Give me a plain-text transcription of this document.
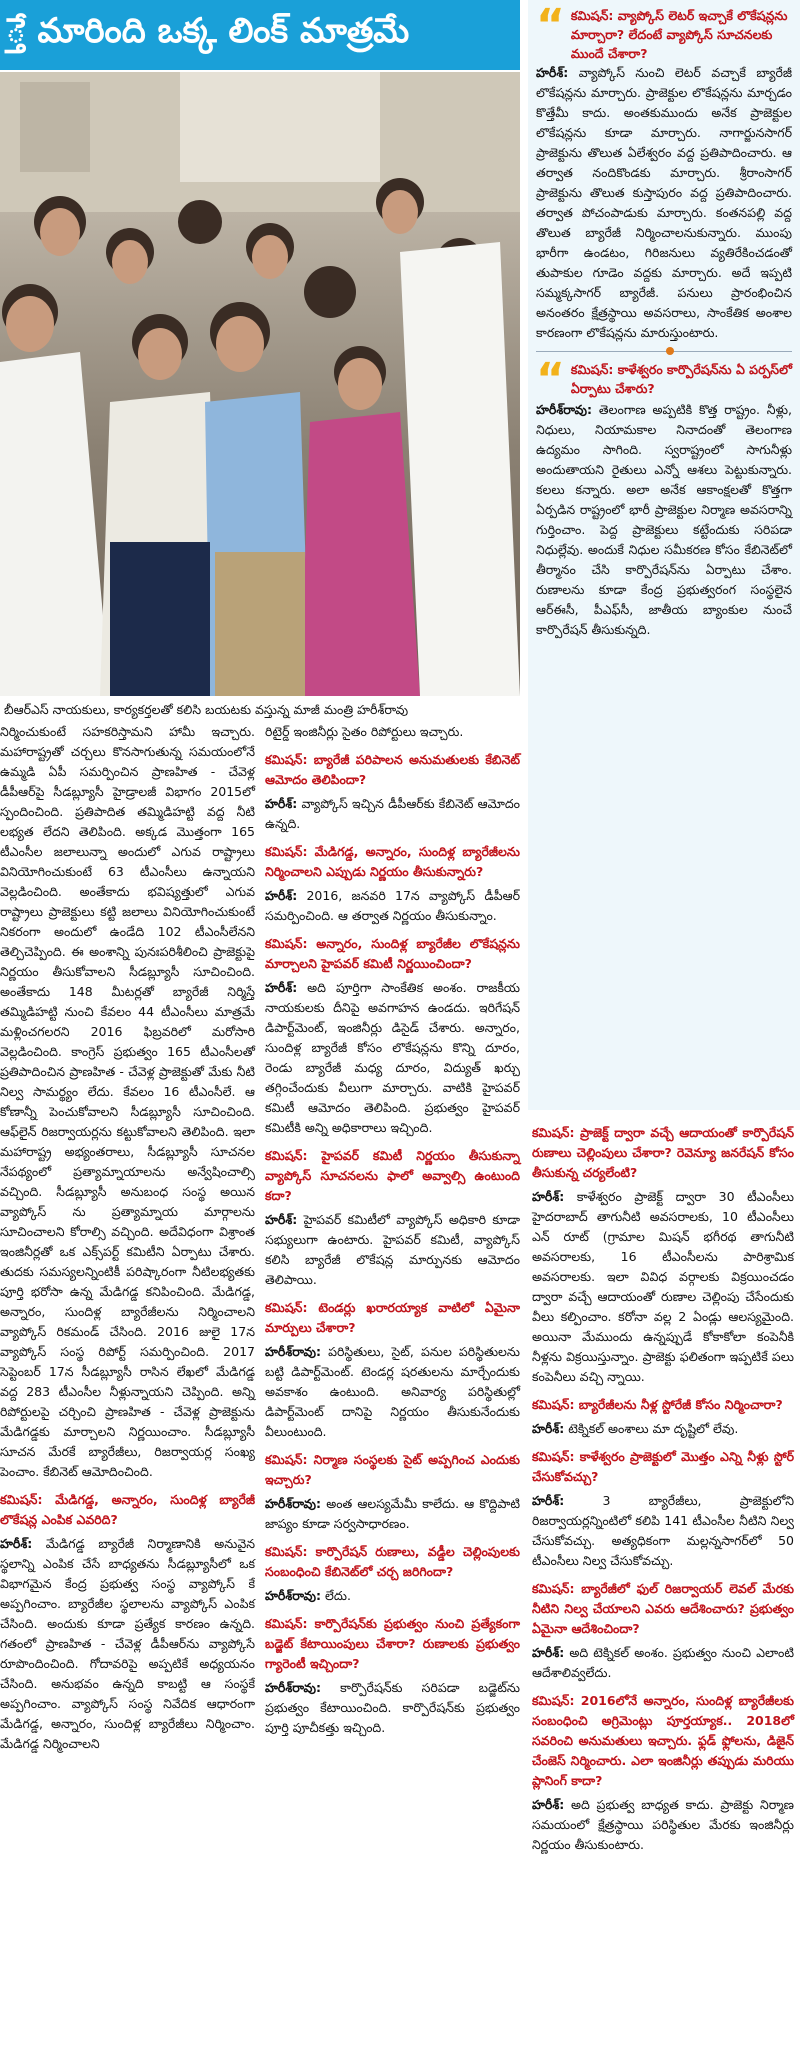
్తే మారింది ఒక్క లింక్ మాత్రమే
బీఆర్ఎస్ నాయకులు, కార్యకర్తలతో కలిసి బయటకు వస్తున్న మాజీ మంత్రి హరీశ్‌రావు

నిర్మించుకుంటే సహకరిస్తామని హామీ ఇచ్చారు. మహారాష్ట్రతో చర్చలు కొనసాగుతున్న సమయంలోనే ఉమ్మడి ఏపీ సమర్పించిన ప్రాణహిత - చేవెళ్ల డీపీఆర్‌పై సీడబ్ల్యూసీ హైడ్రాలజీ విభాగం 2015లో స్పందించింది. ప్రతిపాదిత తమ్మిడిహట్టి వద్ద నీటి లభ్యత లేదని తెలిపింది. అక్కడ మొత్తంగా 165 టీఎంసీల జలాలున్నా అందులో ఎగువ రాష్ట్రాలు వినియోగించుకుంటే 63 టీఎంసీలు ఉన్నాయని వెల్లడించింది. అంతేకాదు భవిష్యత్తులో ఎగువ రాష్ట్రాలు ప్రాజెక్టులు కట్టి జలాలు వినియోగించుకుంటే నికరంగా అందులో ఉండేది 102 టీఎంసీలేనని తెల్చిచెప్పింది. ఈ అంశాన్ని పునఃపరిశీలించి ప్రాజెక్టుపై నిర్ణయం తీసుకోవాలని సీడబ్ల్యూసీ సూచించింది. అంతేకాదు 148 మీటర్లతో బ్యారేజీ నిర్మిస్తే తమ్మిడిహట్టి నుంచి కేవలం 44 టీఎంసీలు మాత్రమే మళ్లించగలరని 2016 ఫిబ్రవరిలో మరోసారి వెల్లడించింది. కాంగ్రెస్ ప్రభుత్వం 165 టీఎంసీలతో ప్రతిపాదించిన ప్రాణహిత - చేవెళ్ల ప్రాజెక్టుతో మేకు నీటి నిల్వ సామర్థ్యం లేదు. కేవలం 16 టీఎంసీలే. ఆ కోణాన్నీ పెంచుకోవాలని సీడబ్ల్యూసీ సూచించింది. ఆఫ్‌లైన్ రిజర్వాయర్లను కట్టుకోవాలని తెలిపింది. ఇలా మహారాష్ట్ర అభ్యంతరాలు, సీడబ్ల్యూసీ సూచనల నేపథ్యంలో ప్రత్యామ్నాయాలను అన్వేషించాల్సి వచ్చింది. సీడబ్ల్యూసీ అనుబంధ సంస్థ అయిన వ్యాప్కోస్ ను ప్రత్యామ్నాయ మార్గాలను సూచించాలని కోరాల్సి వచ్చింది. అదేవిధంగా విశ్రాంత ఇంజినీర్లతో ఒక ఎక్స్‌పర్ట్ కమిటీని ఏర్పాటు చేశారు. తుదకు సమస్యలన్నింటికీ పరిష్కారంగా నీటిలభ్యతకు పూర్తి భరోసా ఉన్న మేడిగడ్డ కనిపించింది. మేడిగడ్డ, అన్నారం, సుందిళ్ల బ్యారేజీలను నిర్మించాలని వ్యాప్కోస్ రికమండ్ చేసింది. 2016 జులై 17న వ్యాప్కోస్ సంస్థ రిపోర్ట్ సమర్పించింది. 2017 సెప్టెంబర్ 17న సీడబ్ల్యూసీ రాసిన లేఖలో మేడిగడ్డ వద్ద 283 టీఎంసీల నీళ్లున్నాయని చెప్పింది. అన్ని రిపోర్టులపై చర్చించి ప్రాణహిత - చేవెళ్ల ప్రాజెక్టును మేడిగడ్డకు మార్చాలని నిర్ణయించాం. సీడబ్ల్యూసీ సూచన మేరకే బ్యారేజీలు, రిజర్వాయర్ల సంఖ్య పెంచాం. కేబినెట్ ఆమోదించింది.

కమిషన్: మేడిగడ్డ, అన్నారం, సుందిళ్ల బ్యారేజీ లొకేషన్ల ఎంపిక ఎవరిది?

హరీశ్: మేడిగడ్డ బ్యారేజీ నిర్మాణానికి అనువైన స్థలాన్ని ఎంపిక చేసే బాధ్యతను సీడబ్ల్యూసీలో ఒక విభాగమైన కేంద్ర ప్రభుత్వ సంస్థ వ్యాప్కోస్ కే అప్పగించాం. బ్యారేజీల స్థలాలను వ్యాప్కోస్ ఎంపిక చేసింది. అందుకు కూడా ప్రత్యేక కారణం ఉన్నది. గతంలో ప్రాణహిత - చేవెళ్ల డీపీఆర్‌ను వ్యాప్కోసే రూపొందించింది. గోదావరిపై అప్పటికే అధ్యయనం చేసింది. అనుభవం ఉన్నది కాబట్టి ఆ సంస్థకే అప్పగించాం. వ్యాప్కోస్ సంస్థ నివేదిక ఆధారంగా మేడిగడ్డ, అన్నారం, సుందిళ్ల బ్యారేజీలు నిర్మించాం. మేడిగడ్డ నిర్మించాలని

రిటైర్డ్ ఇంజినీర్లు సైతం రిపోర్టులు ఇచ్చారు.

కమిషన్: బ్యారేజీ పరిపాలన అనుమతులకు కేబినెట్ ఆమోదం తెలిపిందా?

హరీశ్: వ్యాప్కోస్ ఇచ్చిన డీపీఆర్‌కు కేబినెట్ ఆమోదం ఉన్నది.

కమిషన్: మేడిగడ్డ, అన్నారం, సుందిళ్ల బ్యారేజీలను నిర్మించాలని ఎప్పుడు నిర్ణయం తీసుకున్నారు?

హరీశ్: 2016, జనవరి 17న వ్యాప్కోస్ డీపీఆర్ సమర్పించింది. ఆ తర్వాత నిర్ణయం తీసుకున్నాం.

కమిషన్: అన్నారం, సుందిళ్ల బ్యారేజీల లొకేషన్లను మార్చాలని హైపవర్ కమిటీ నిర్ణయించిందా?

హరీశ్: అది పూర్తిగా సాంకేతిక అంశం. రాజకీయ నాయకులకు దీనిపై అవగాహన ఉండదు. ఇరిగేషన్ డిపార్ట్‌మెంట్, ఇంజినీర్లు డిసైడ్ చేశారు. అన్నారం, సుందిళ్ల బ్యారేజీ కోసం లొకేషన్లను కొన్ని దూరం, రెండు బ్యారేజీ మధ్య దూరం, విద్యుత్ ఖర్చు తగ్గించేందుకు వీలుగా మార్చారు. వాటికి హైపవర్ కమిటీ ఆమోదం తెలిపింది. ప్రభుత్వం హైపవర్ కమిటీకి అన్ని అధికారాలు ఇచ్చింది.

కమిషన్: హైపవర్ కమిటీ నిర్ణయం తీసుకున్నా వ్యాప్కోస్ సూచనలను ఫాలో అవ్వాల్సి ఉంటుంది కదా?

హరీశ్: హైపవర్ కమిటీలో వ్యాప్కోస్ అధికారి కూడా సభ్యులుగా ఉంటారు. హైపవర్ కమిటీ, వ్యాప్కోస్ కలిసి బ్యారేజీ లొకేషన్ల మార్పునకు ఆమోదం తెలిపాయి.

కమిషన్: టెండర్లు ఖరారయ్యాక వాటిలో ఏమైనా మార్పులు చేశారా?

హరీశ్‌రావు: పరిస్థితులు, సైట్, పనుల పరిస్థితులను బట్టి డిపార్ట్‌మెంట్. టెండర్ల షరతులను మార్చేందుకు అవకాశం ఉంటుంది. అనివార్య పరిస్థితుల్లో డిపార్ట్‌మెంట్ దానిపై నిర్ణయం తీసుకునేందుకు వీలుంటుంది.

కమిషన్: నిర్మాణ సంస్థలకు సైట్ అప్పగించ ఎందుకు ఇచ్చారు?

హరీశ్‌రావు: అంత ఆలస్యమేమీ కాలేదు. ఆ కొద్దిపాటి జాప్యం కూడా సర్వసాధారణం.

కమిషన్: కార్పొరేషన్ రుణాలు, వడ్డీల చెల్లింపులకు సంబంధించి కేబినెట్‌లో చర్చ జరిగిందా?

హరీశ్‌రావు: లేదు.

కమిషన్: కార్పొరేషన్‌కు ప్రభుత్వం నుంచి ప్రత్యేకంగా బడ్జెట్ కేటాయింపులు చేశారా? రుణాలకు ప్రభుత్వం గ్యారెంటీ ఇచ్చిందా?

హరీశ్‌రావు: కార్పొరేషన్‌కు సరిపడా బడ్జెట్‌ను ప్రభుత్వం కేటాయించింది. కార్పొరేషన్‌కు ప్రభుత్వం పూర్తి పూచీకత్తు ఇచ్చింది.

“ కమిషన్: వ్యాప్కోస్ లెటర్ ఇచ్చాకే లొకేషన్లను మార్చారా? లేదంటే వ్యాప్కోస్ సూచనలకు ముందే చేశారా?
హరీశ్: వ్యాప్కోస్ నుంచి లెటర్ వచ్చాకే బ్యారేజీ లొకేషన్లను మార్చారు. ప్రాజెక్టుల లొకేషన్లను మార్చడం కొత్తేమీ కాదు. అంతకుముందు అనేక ప్రాజెక్టుల లొకేషన్లను కూడా మార్చారు. నాగార్జునసాగర్ ప్రాజెక్టును తొలుత ఏలేశ్వరం వద్ద ప్రతిపాదించారు. ఆ తర్వాత నందికొండకు మార్చారు. శ్రీరాంసాగర్ ప్రాజెక్టును తొలుత కుస్తాపురం వద్ద ప్రతిపాదించారు. తర్వాత పోచంపాడుకు మార్చారు. కంతనపల్లి వద్ద తొలుత బ్యారేజీ నిర్మించాలనుకున్నారు. ముంపు భారీగా ఉండటం, గిరిజనులు వ్యతిరేకించడంతో తుపాకుల గూడెం వద్దకు మార్చారు. అదే ఇప్పటి సమ్మక్కసాగర్ బ్యారేజీ. పనులు ప్రారంభించిన అనంతరం క్షేత్రస్థాయి అవసరాలు, సాంకేతిక అంశాల కారణంగా లొకేషన్లను మారుస్తుంటారు.
“ కమిషన్: కాళేశ్వరం కార్పొరేషన్‌ను ఏ పర్పస్‌లో ఏర్పాటు చేశారు?
హరీశ్‌రావు: తెలంగాణ అప్పటికి కొత్త రాష్ట్రం. నీళ్లు, నిధులు, నియామకాల నినాదంతో తెలంగాణ ఉద్యమం సాగింది. స్వరాష్ట్రంలో సాగునీళ్లు అందుతాయని రైతులు ఎన్నో ఆశలు పెట్టుకున్నారు. కలలు కన్నారు. అలా అనేక ఆకాంక్షలతో కొత్తగా ఏర్పడిన రాష్ట్రంలో భారీ ప్రాజెక్టుల నిర్మాణ అవసరాన్ని గుర్తించాం. పెద్ద ప్రాజెక్టులు కట్టేందుకు సరిపడా నిధుల్లేవు. అందుకే నిధుల సమీకరణ కోసం కేబినెట్‌లో తీర్మానం చేసి కార్పొరేషన్‌ను ఏర్పాటు చేశాం. రుణాలను కూడా కేంద్ర ప్రభుత్వరంగ సంస్థలైన ఆర్‌ఈసీ, పీఎఫ్‌సీ, జాతీయ బ్యాంకుల నుంచే కార్పొరేషన్ తీసుకున్నది.
కమిషన్: ప్రాజెక్ట్ ద్వారా వచ్చే ఆదాయంతో కార్పొరేషన్ రుణాలు చెల్లింపులు చేశారా? రెవెన్యూ జనరేషన్ కోసం తీసుకున్న చర్యలేంటి?

హరీశ్: కాళేశ్వరం ప్రాజెక్ట్ ద్వారా 30 టీఎంసీలు హైదరాబాద్ తాగునీటి అవసరాలకు, 10 టీఎంసీలు ఎన్ రూట్ (గ్రామాల మిషన్ భగీరథ తాగునీటి అవసరాలకు, 16 టీఎంసీలను పారిశ్రామిక అవసరాలకు. ఇలా వివిధ వర్గాలకు విక్రయించడం ద్వారా వచ్చే ఆదాయంతో రుణాల చెల్లింపు చేసేందుకు వీలు కల్పించాం. కరోనా వల్ల 2 ఏండ్లు ఆలస్యమైంది. అయినా మేముందు ఉన్నప్పుడే కోకాకోలా కంపెనీకి నీళ్లను విక్రయిస్తున్నాం. ప్రాజెక్టు ఫలితంగా ఇప్పటికే పలు కంపెనీలు వచ్చి న్నాయి.

కమిషన్: బ్యారేజీలను నీళ్ల స్టోరేజీ కోసం నిర్మించారా?

హరీశ్: టెక్నికల్ అంశాలు మా దృష్టిలో లేవు.

కమిషన్: కాళేశ్వరం ప్రాజెక్టులో మొత్తం ఎన్ని నీళ్లు స్టోర్ చేసుకోవచ్చు?

హరీశ్:	3 బ్యారేజీలు, ప్రాజెక్టులోని రిజర్వాయర్లన్నింటిలో కలిపి 141 టీఎంసీల నీటిని నిల్వ చేసుకోవచ్చు. అత్యధికంగా మల్లన్నసాగర్‌లో 50 టీఎంసీలు నిల్వ చేసుకోవచ్చు.

కమిషన్: బ్యారేజీలో ఫుల్ రిజర్వాయర్ లెవల్ మేరకు నీటిని నిల్వ చేయాలని ఎవరు ఆదేశించారు? ప్రభుత్వం ఏమైనా ఆదేశించిందా?

హరీశ్: అది టెక్నికల్ అంశం. ప్రభుత్వం నుంచి ఎలాంటి ఆదేశాలివ్వలేదు.

కమిషన్: 2016లోనే అన్నారం, సుందిళ్ల బ్యారేజీలకు సంబంధించి అగ్రిమెంట్లు పూర్తయ్యాక.. 2018లో సవరించి అనుమతులు ఇచ్చారు. ఫ్లడ్ ఫ్లోలను, డిజైన్ చేంజెస్ నిర్మించారు. ఎలా ఇంజినీర్లు తప్పుడు మరియు ప్లానింగ్ కాదా?

హరీశ్: అది ప్రభుత్వ బాధ్యత కాదు. ప్రాజెక్టు నిర్మాణ సమయంలో క్షేత్రస్థాయి పరిస్థితుల మేరకు ఇంజినీర్లు నిర్ణయం తీసుకుంటారు.
